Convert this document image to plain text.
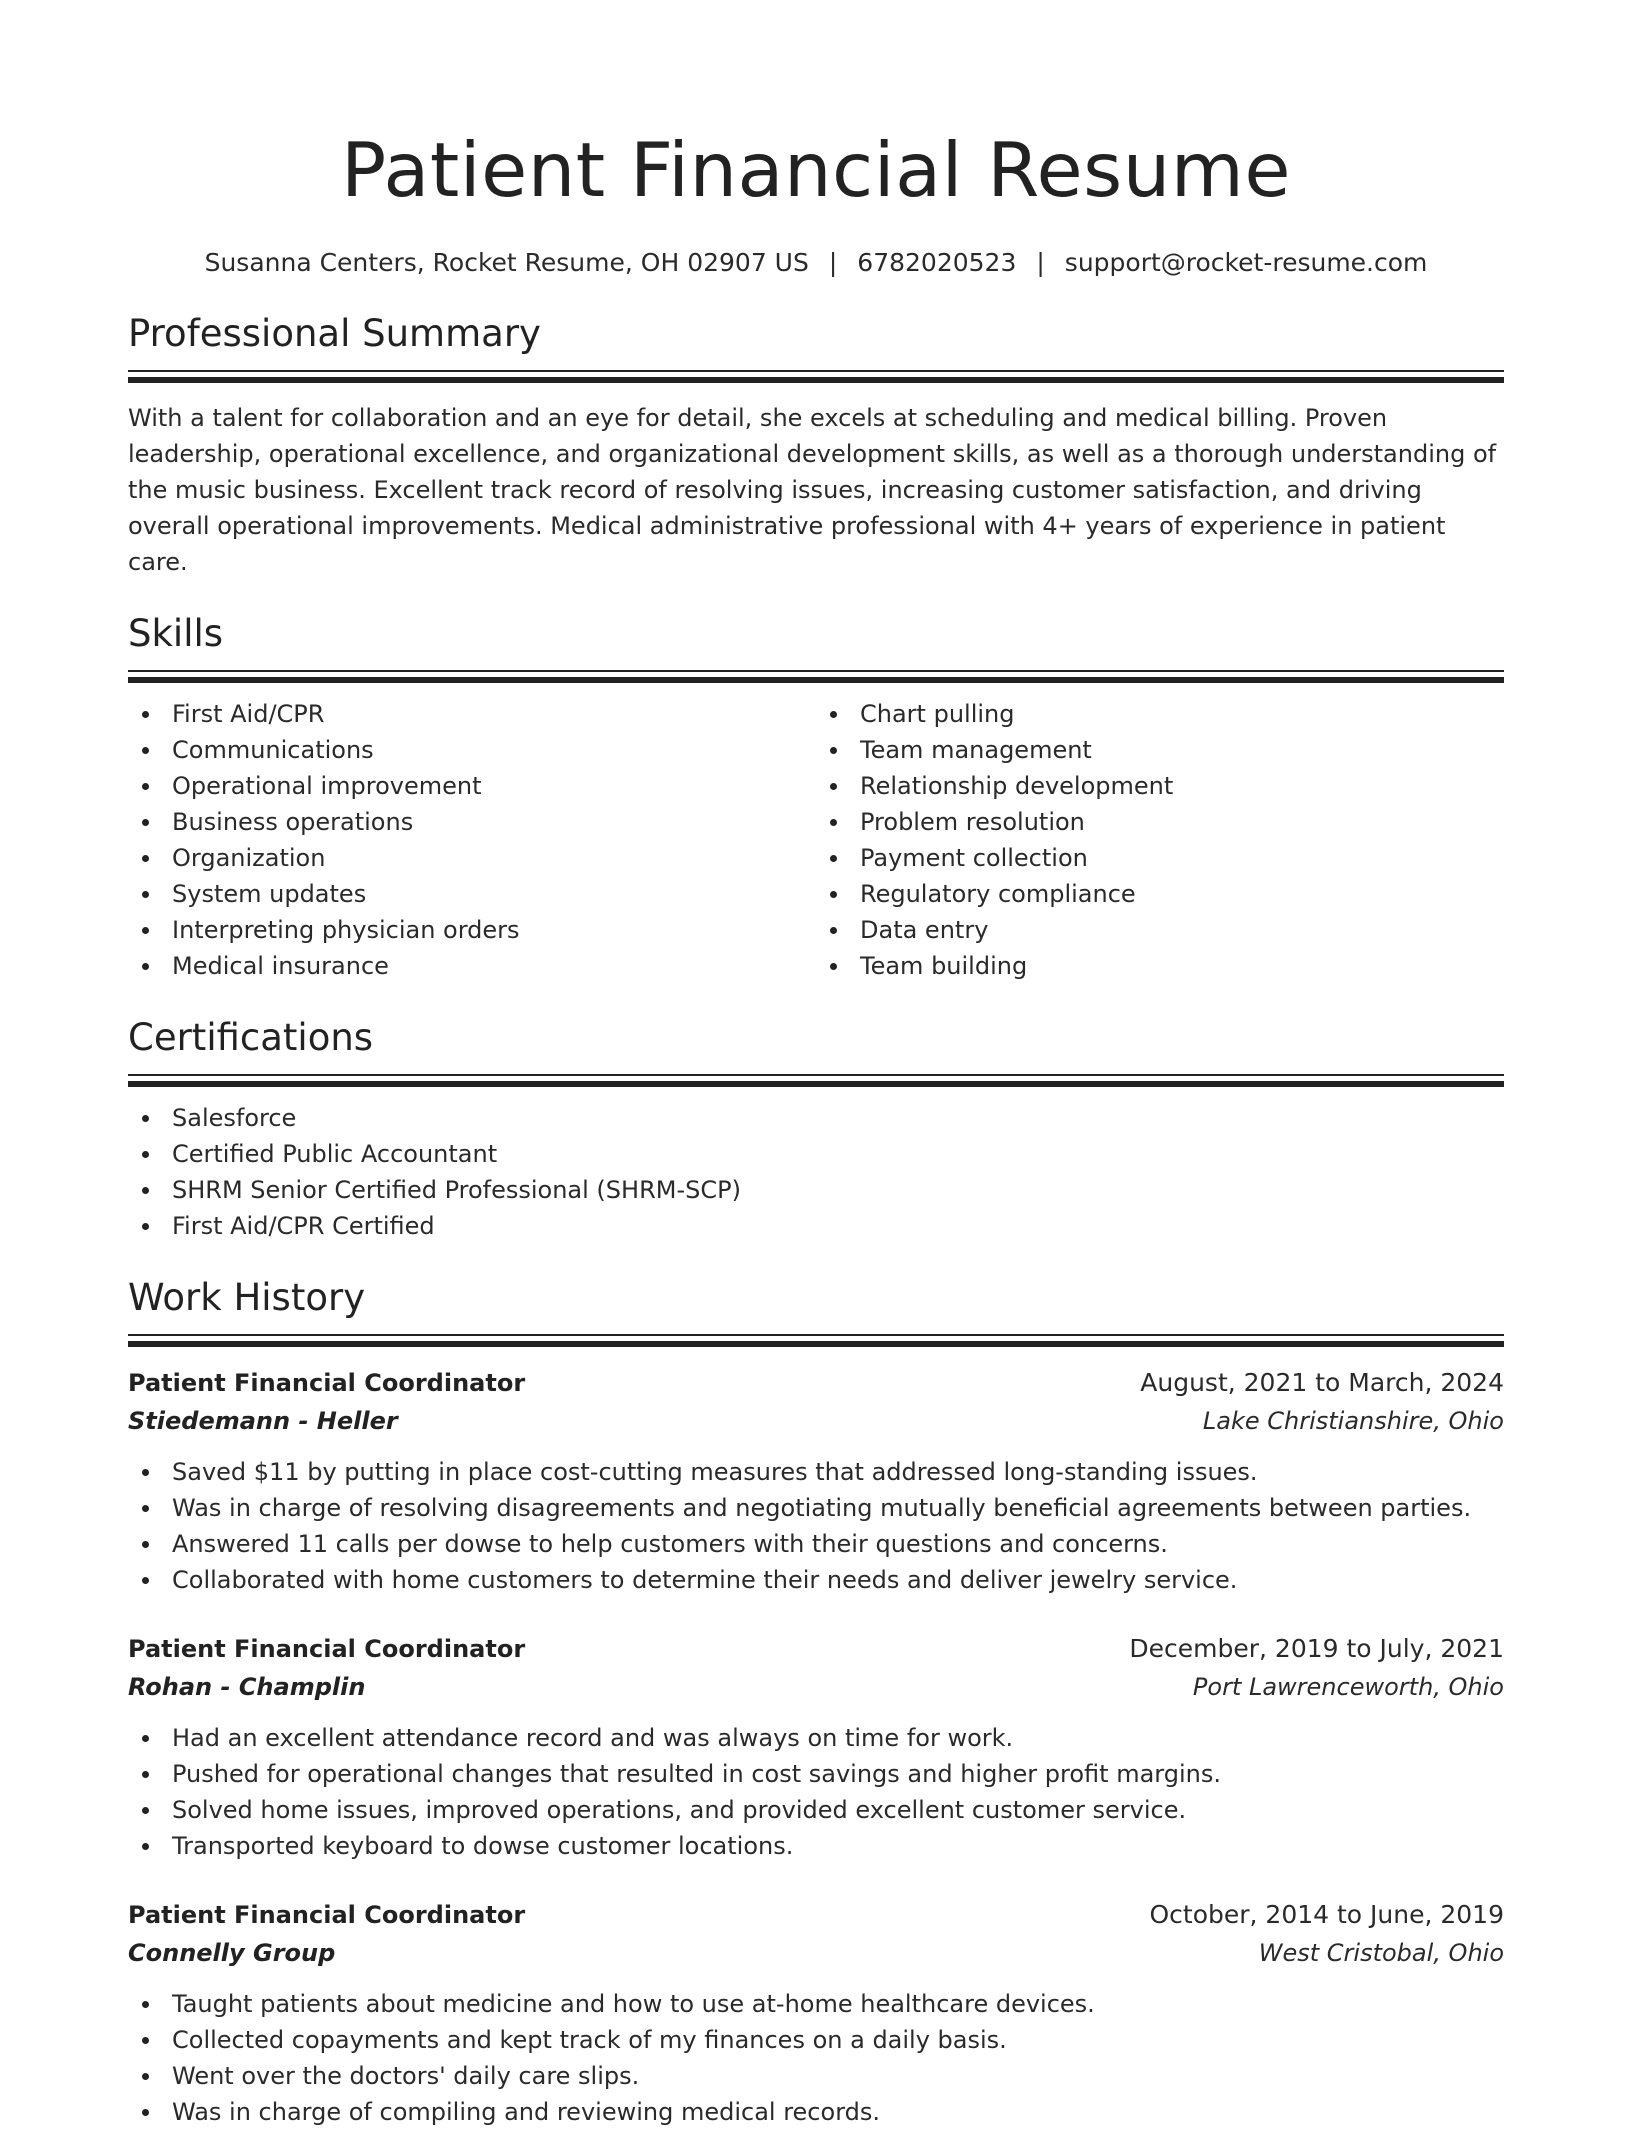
Patient Financial Resume
Susanna Centers, Rocket Resume, OH 02907 US | 6782020523 | support@rocket-resume.com
Professional Summary

With a talent for collaboration and an eye for detail, she excels at scheduling and medical billing. Proven leadership, operational excellence, and organizational development skills, as well as a thorough understanding of the music business. Excellent track record of resolving issues, increasing customer satisfaction, and driving overall operational improvements. Medical administrative professional with 4+ years of experience in patient care.

Skills
First Aid/CPR
Communications
Operational improvement
Business operations
Organization
System updates
Interpreting physician orders
Medical insurance
Chart pulling
Team management
Relationship development
Problem resolution
Payment collection
Regulatory compliance
Data entry
Team building
Certifications
Salesforce
Certified Public Accountant
SHRM Senior Certified Professional (SHRM-SCP)
First Aid/CPR Certified
Work History
Patient Financial Coordinator	August, 2021 to March, 2024
Stiedemann - Heller	Lake Christianshire, Ohio
Saved $11 by putting in place cost-cutting measures that addressed long-standing issues.
Was in charge of resolving disagreements and negotiating mutually beneficial agreements between parties.
Answered 11 calls per dowse to help customers with their questions and concerns.
Collaborated with home customers to determine their needs and deliver jewelry service.
Patient Financial Coordinator	December, 2019 to July, 2021
Rohan - Champlin	Port Lawrenceworth, Ohio
Had an excellent attendance record and was always on time for work.
Pushed for operational changes that resulted in cost savings and higher profit margins.
Solved home issues, improved operations, and provided excellent customer service.
Transported keyboard to dowse customer locations.
Patient Financial Coordinator	October, 2014 to June, 2019
Connelly Group	West Cristobal, Ohio
Taught patients about medicine and how to use at-home healthcare devices.
Collected copayments and kept track of my finances on a daily basis.
Went over the doctors' daily care slips.
Was in charge of compiling and reviewing medical records.
